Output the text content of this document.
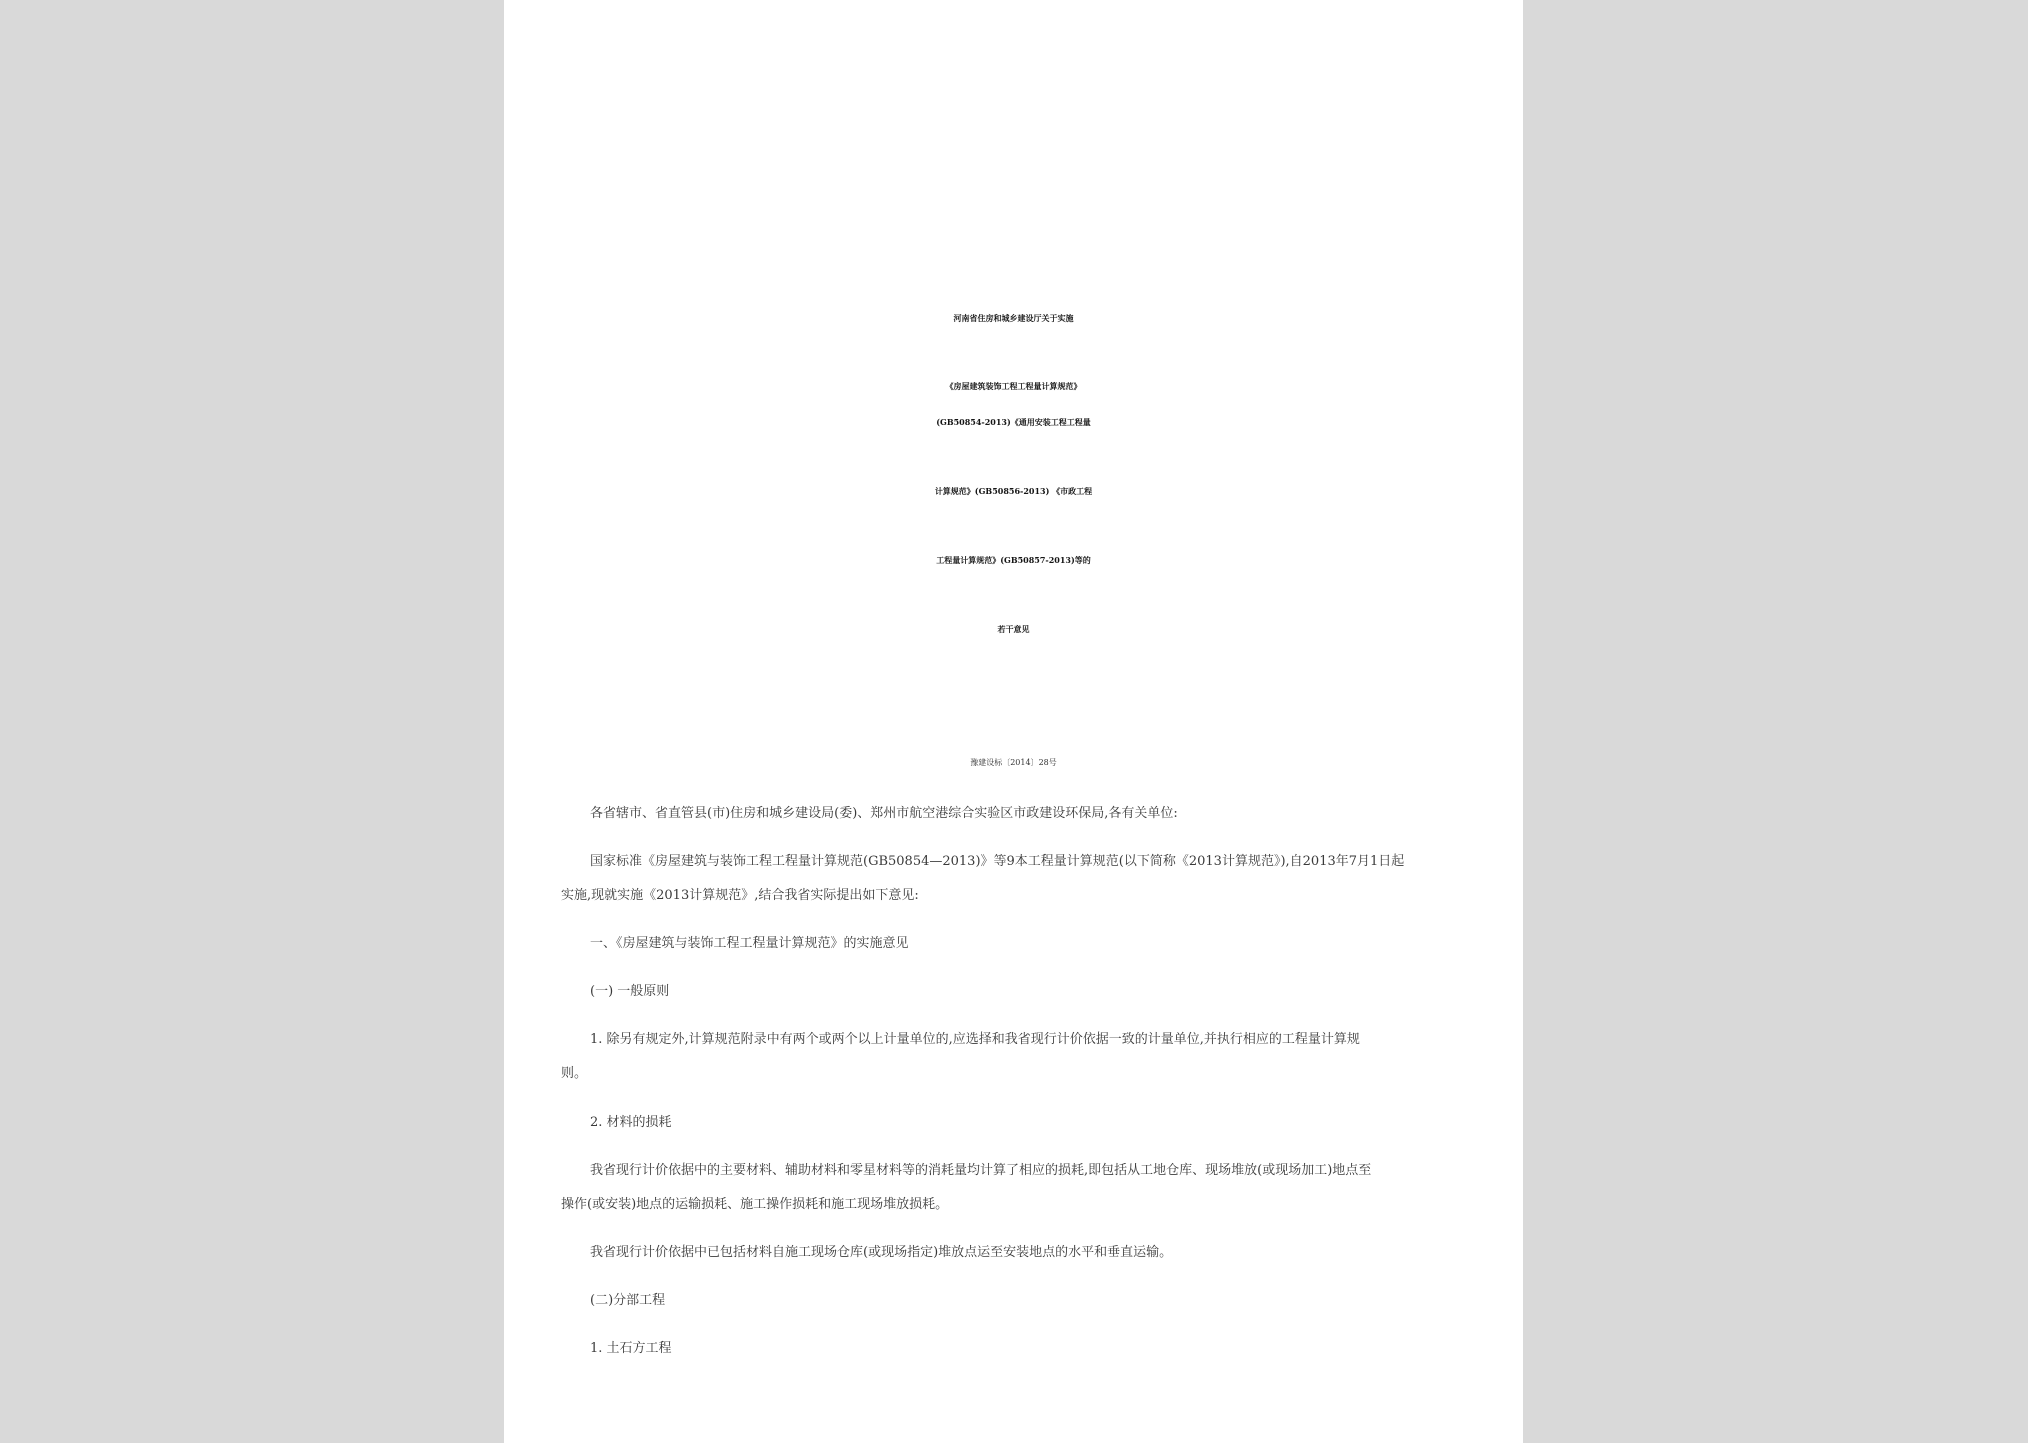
河南省住房和城乡建设厅关于实施
《房屋建筑装饰工程工程量计算规范》
(GB50854-2013)《通用安装工程工程量
计算规范》(GB50856-2013) 《市政工程
工程量计算规范》(GB50857-2013)等的
若干意见
豫建设标〔2014〕28号
各省辖市、省直管县(市)住房和城乡建设局(委)、郑州市航空港综合实验区市政建设环保局,各有关单位:
国家标准《房屋建筑与装饰工程工程量计算规范(GB50854—2013)》等9本工程量计算规范(以下简称《2013计算规范》),自2013年7月1日起
实施,现就实施《2013计算规范》,结合我省实际提出如下意见:
一、《房屋建筑与装饰工程工程量计算规范》的实施意见
(一) 一般原则
1. 除另有规定外,计算规范附录中有两个或两个以上计量单位的,应选择和我省现行计价依据一致的计量单位,并执行相应的工程量计算规
则。
2. 材料的损耗
我省现行计价依据中的主要材料、辅助材料和零星材料等的消耗量均计算了相应的损耗,即包括从工地仓库、现场堆放(或现场加工)地点至
操作(或安装)地点的运输损耗、施工操作损耗和施工现场堆放损耗。
我省现行计价依据中已包括材料自施工现场仓库(或现场指定)堆放点运至安装地点的水平和垂直运输。
(二)分部工程
1. 土石方工程
